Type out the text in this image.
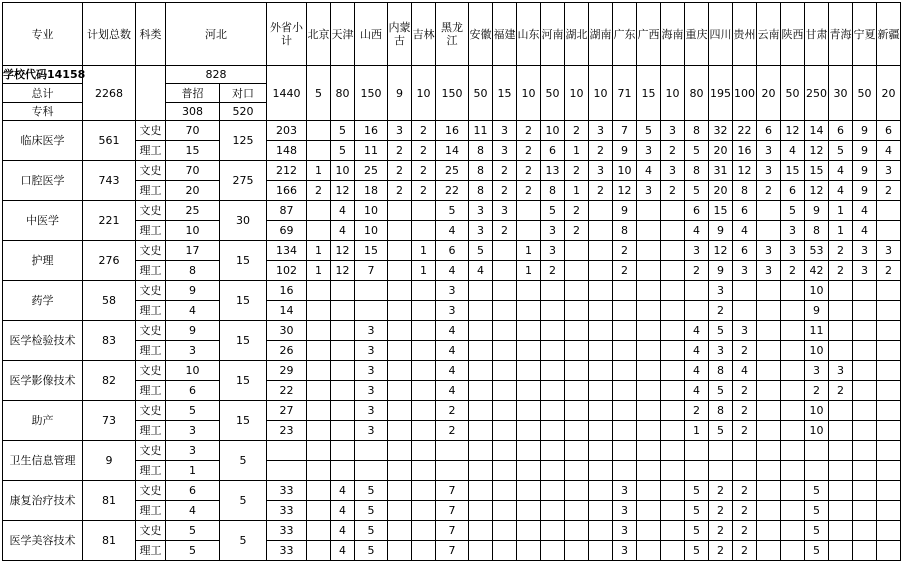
专业	计划总数	科类	河北		外省小计	北京	天津	山西	内蒙古	吉林	黑龙江	安徽	福建	山东	河南	湖北	湖南	广东	广西	海南	重庆	四川	贵州	云南	陕西	甘肃	青海	宁夏	新疆
学校代码14158	2268		828		1440	5	80	150	9	10	150	50	15	10	50	10	10	71	15	10	80	195	100	20	50	250	30	50	20
总计			普招	对口																									
专科			308	520																									
临床医学	561	文史	70	125	203		5	16	3	2	16	11	3	2	10	2	3	7	5	3	8	32	22	6	12	14	6	9	6
		理工	15		148		5	11	2	2	14	8	3	2	6	1	2	9	3	2	5	20	16	3	4	12	5	9	4
口腔医学	743	文史	70	275	212	1	10	25	2	2	25	8	2	2	13	2	3	10	4	3	8	31	12	3	15	15	4	9	3
		理工	20		166	2	12	18	2	2	22	8	2	2	8	1	2	12	3	2	5	20	8	2	6	12	4	9	2
中医学	221	文史	25	30	87		4	10			5	3	3		5	2		9			6	15	6		5	9	1	4	
		理工	10		69		4	10			4	3	2		3	2		8			4	9	4		3	8	1	4	
护理	276	文史	17	15	134	1	12	15		1	6	5		1	3			2			3	12	6	3	3	53	2	3	3
		理工	8		102	1	12	7		1	4	4		1	2			2			2	9	3	3	2	42	2	3	2
药学	58	文史	9	15	16						3											3				10			
		理工	4		14						3											2				9			
医学检验技术	83	文史	9	15	30			3			4										4	5	3			11			
		理工	3		26			3			4										4	3	2			10			
医学影像技术	82	文史	10	15	29			3			4										4	8	4			3	3		
		理工	6		22			3			4										4	5	2			2	2		
助产	73	文史	5	15	27			3			2										2	8	2			10			
		理工	3		23			3			2										1	5	2			10			
卫生信息管理	9	文史	3	5																									
		理工	1																										
康复治疗技术	81	文史	6	5	33		4	5			7							3			5	2	2			5			
		理工	4		33		4	5			7							3			5	2	2			5			
医学美容技术	81	文史	5	5	33		4	5			7							3			5	2	2			5			
		理工	5		33		4	5			7							3			5	2	2			5			
